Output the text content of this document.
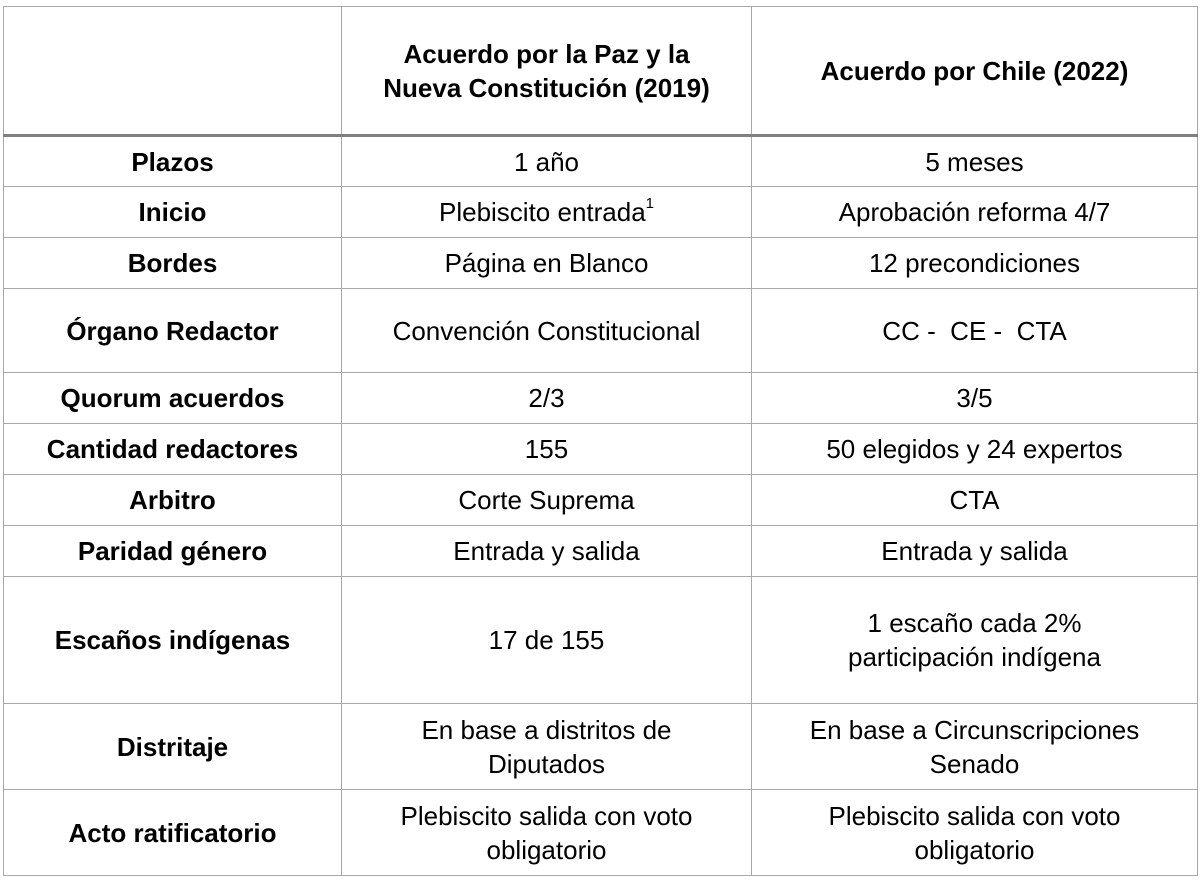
	Acuerdo por la Paz y la Nueva Constitución (2019)	Acuerdo por Chile (2022)
Plazos	1 año	5 meses
Inicio	Plebiscito entrada$^1$	Aprobación reforma 4/7
Bordes	Página en Blanco	12 precondiciones
Órgano Redactor	Convención Constitucional	CC -  CE -  CTA
Quorum acuerdos	2/3	3/5
Cantidad redactores	155	50 elegidos y 24 expertos
Arbitro	Corte Suprema	CTA
Paridad género	Entrada y salida	Entrada y salida
Escaños indígenas	17 de 155	1 escaño cada 2% participación indígena
Distritaje	En base a distritos de Diputados	En base a Circunscripciones Senado
Acto ratificatorio	Plebiscito salida con voto obligatorio	Plebiscito salida con voto obligatorio
